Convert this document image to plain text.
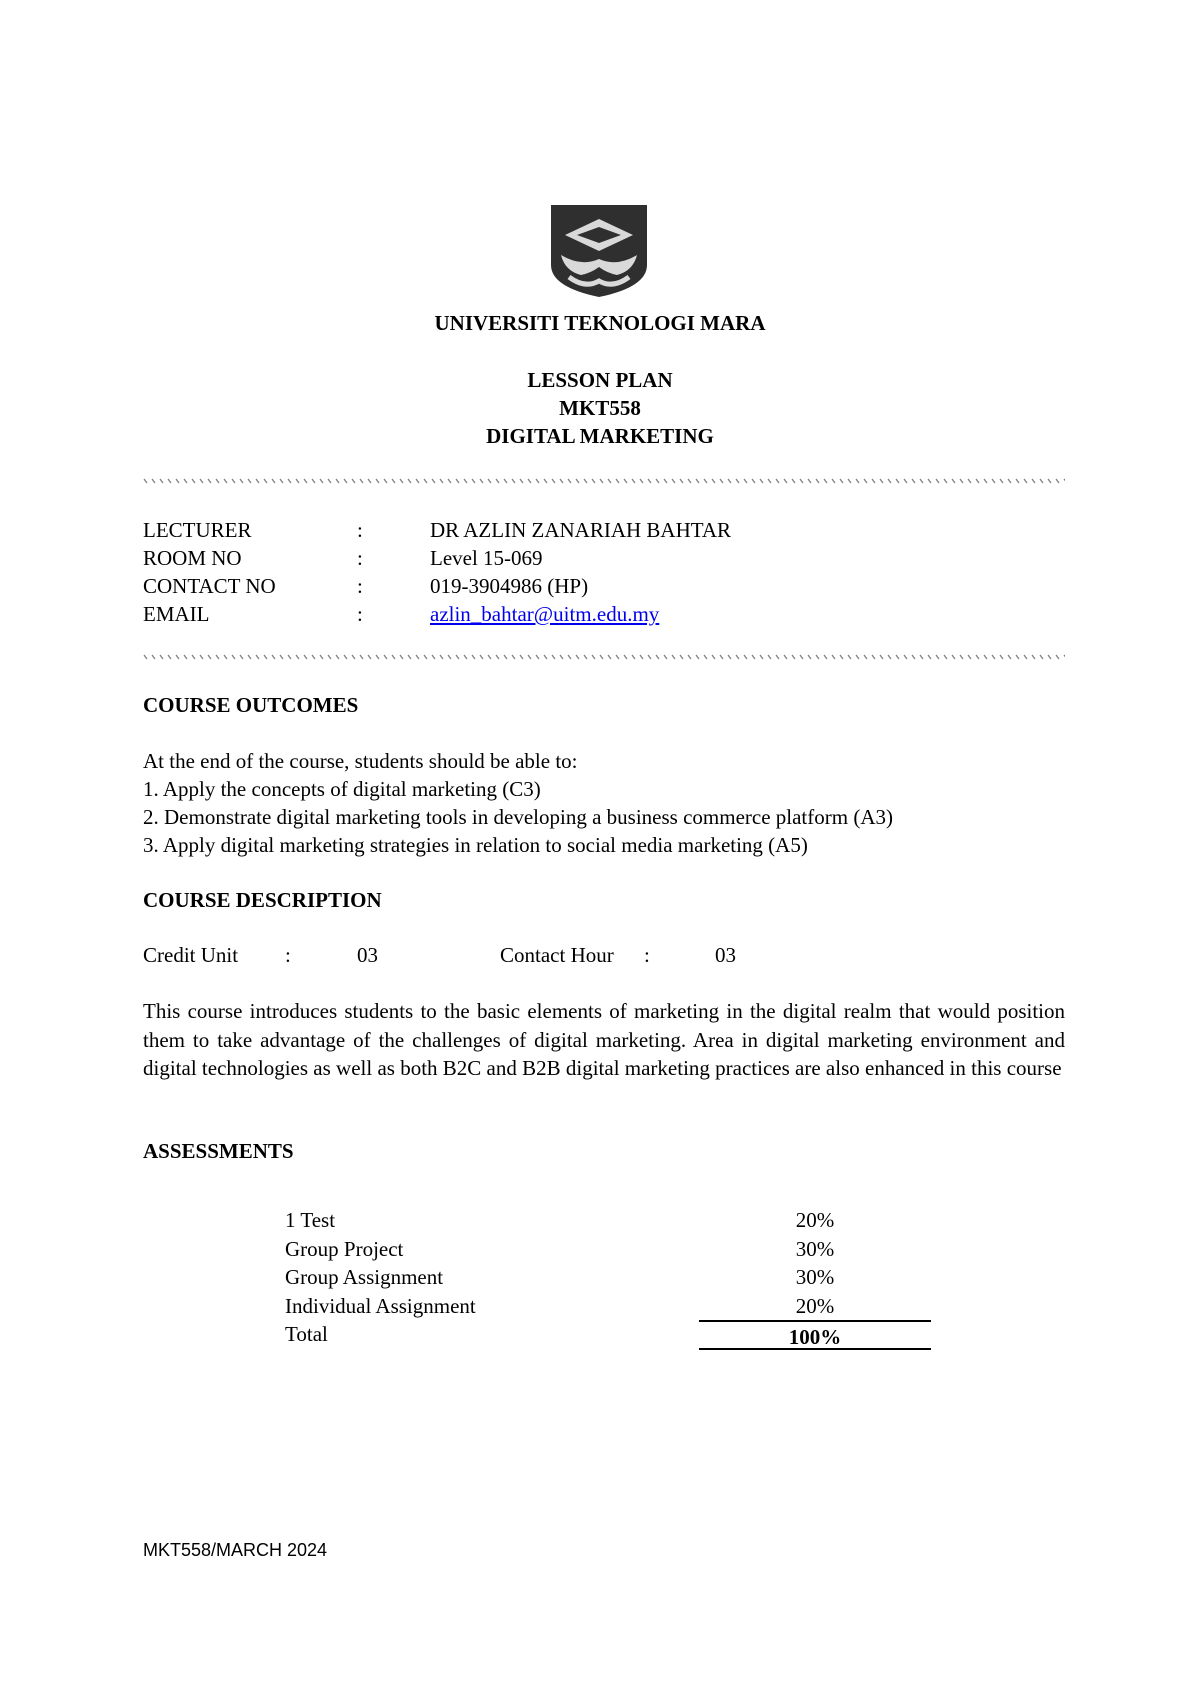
UNIVERSITI TEKNOLOGI MARA
LESSON PLAN
MKT558
DIGITAL MARKETING
LECTURER	:	DR AZLIN ZANARIAH BAHTAR
ROOM NO	:	Level 15-069
CONTACT NO	:	019-3904986 (HP)
EMAIL	:	azlin_bahtar@uitm.edu.my
COURSE OUTCOMES
At the end of the course, students should be able to:
1. Apply the concepts of digital marketing (C3)
2. Demonstrate digital marketing tools in developing a business commerce platform (A3)
3. Apply digital marketing strategies in relation to social media marketing (A5)
COURSE DESCRIPTION
Credit Unit :	03	Contact Hour :	03
This course introduces students to the basic elements of marketing in the digital realm that would position them to take advantage of the challenges of digital marketing. Area in digital marketing environment and digital technologies as well as both B2C and B2B digital marketing practices are also enhanced in this course
ASSESSMENTS
1 Test	20%
Group Project	30%
Group Assignment	30%
Individual Assignment	20%
Total	100%
MKT558/MARCH 2024
